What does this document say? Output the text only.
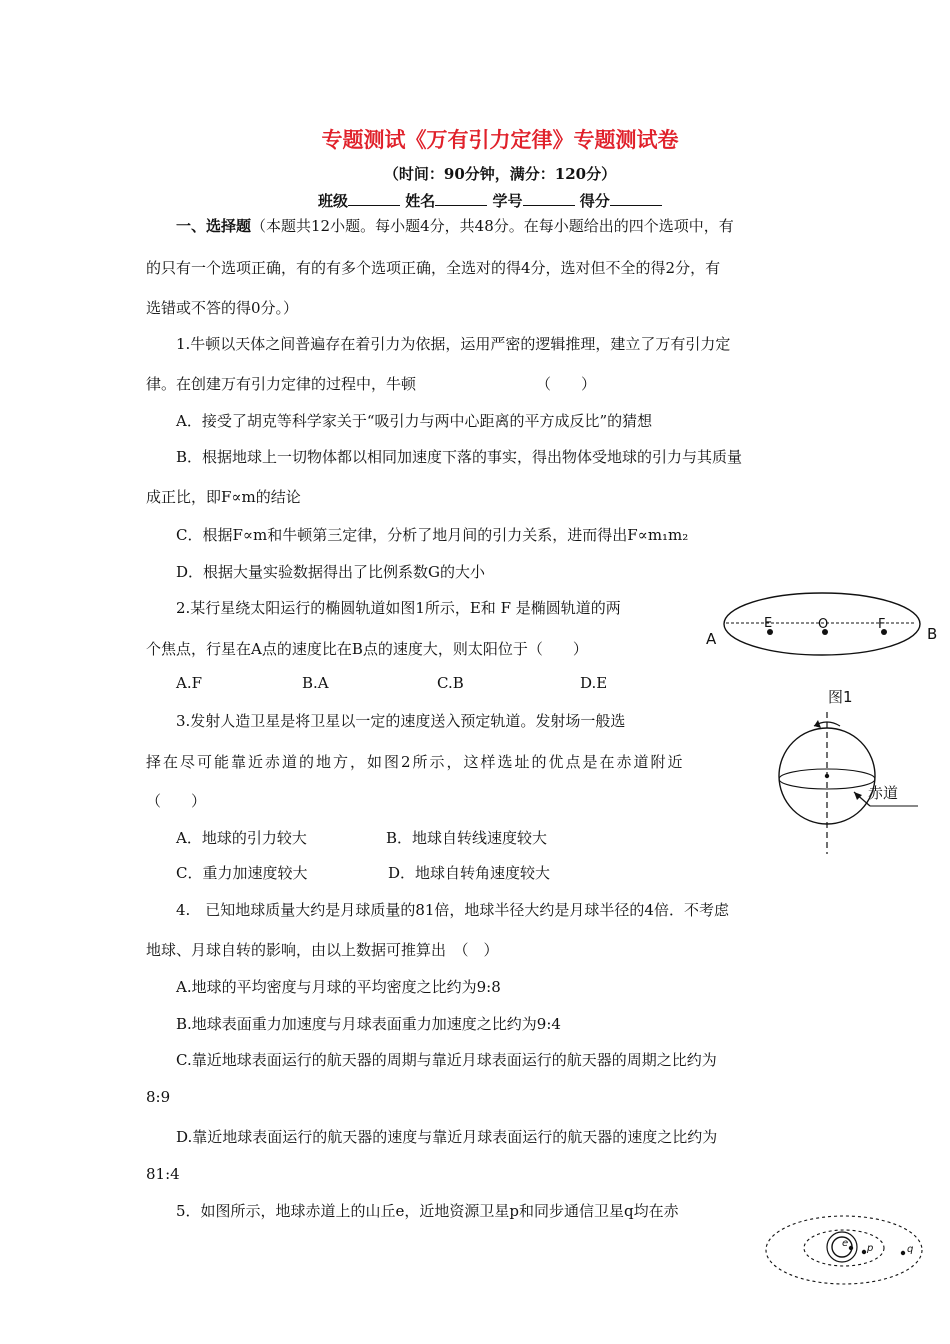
专题测试《万有引力定律》专题测试卷
（时间：90分钟，满分：120分）
班级	姓名	学号	得分
一、选择题（本题共12小题。每小题4分，共48分。在每小题给出的四个选项中，有
的只有一个选项正确，有的有多个选项正确，全选对的得4分，选对但不全的得2分，有
选错或不答的得0分。）
1.牛顿以天体之间普遍存在着引力为依据，运用严密的逻辑推理，建立了万有引力定
律。在创建万有引力定律的过程中，牛顿	（　　）
A．接受了胡克等科学家关于“吸引力与两中心距离的平方成反比”的猜想
B．根据地球上一切物体都以相同加速度下落的事实，得出物体受地球的引力与其质量
成正比，即F∝m的结论
C．根据F∝m和牛顿第三定律，分析了地月间的引力关系，进而得出F∝m₁m₂
D．根据大量实验数据得出了比例系数G的大小
2.某行星绕太阳运行的椭圆轨道如图1所示，E和 F 是椭圆轨道的两
个焦点，行星在A点的速度比在B点的速度大，则太阳位于（　　）
A.F	B.A	C.B	D.E
A	B
E	O	F
图1
3.发射人造卫星是将卫星以一定的速度送入预定轨道。发射场一般选
择在尽可能靠近赤道的地方，如图2所示，这样选址的优点是在赤道附近
（　　）
A．地球的引力较大	B．地球自转线速度较大
C．重力加速度较大	D．地球自转角速度较大
赤道
4.　已知地球质量大约是月球质量的81倍，地球半径大约是月球半径的4倍．不考虑
地球、月球自转的影响，由以上数据可推算出　（　）
A.地球的平均密度与月球的平均密度之比约为9:8
B.地球表面重力加速度与月球表面重力加速度之比约为9:4
C.靠近地球表面运行的航天器的周期与靠近月球表面运行的航天器的周期之比约为
8:9
D.靠近地球表面运行的航天器的速度与靠近月球表面运行的航天器的速度之比约为
81:4
5．如图所示，地球赤道上的山丘e，近地资源卫星p和同步通信卫星q均在赤
e p	q
